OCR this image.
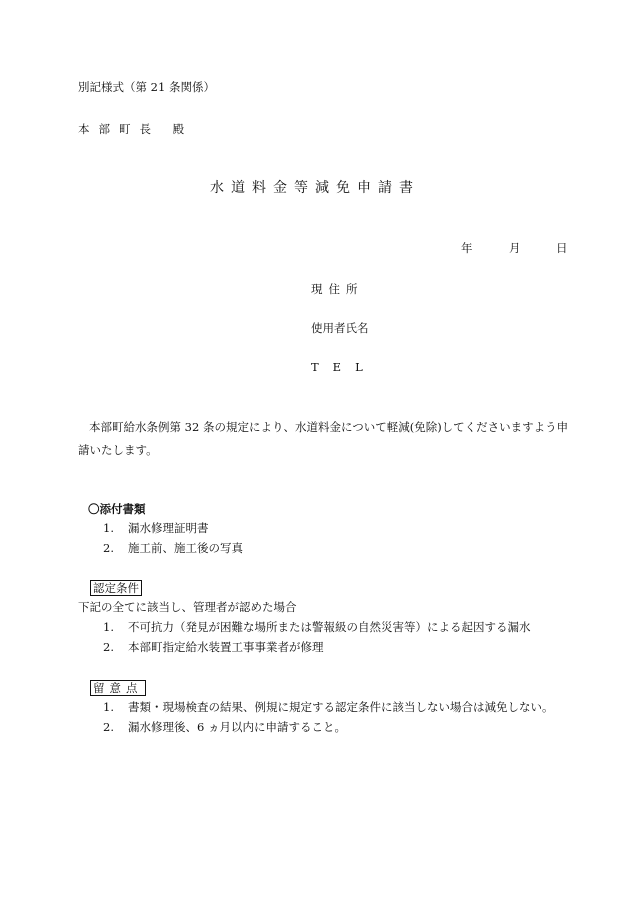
別記様式（第 21 条関係）
本部町長 殿
水道料金等減免申請書
年	月	日
現住所
使用者氏名
TEL
本部町給水条例第 32 条の規定により、水道料金について軽減(免除)してくださいますよう申請いたします。
〇添付書類
1. 漏水修理証明書
2. 施工前、施工後の写真
認定条件
下記の全てに該当し、管理者が認めた場合
1. 不可抗力（発見が困難な場所または警報級の自然災害等）による起因する漏水
2. 本部町指定給水装置工事事業者が修理
留意点
1. 書類・現場検査の結果、例規に規定する認定条件に該当しない場合は減免しない。
2. 漏水修理後、6 ヵ月以内に申請すること。
